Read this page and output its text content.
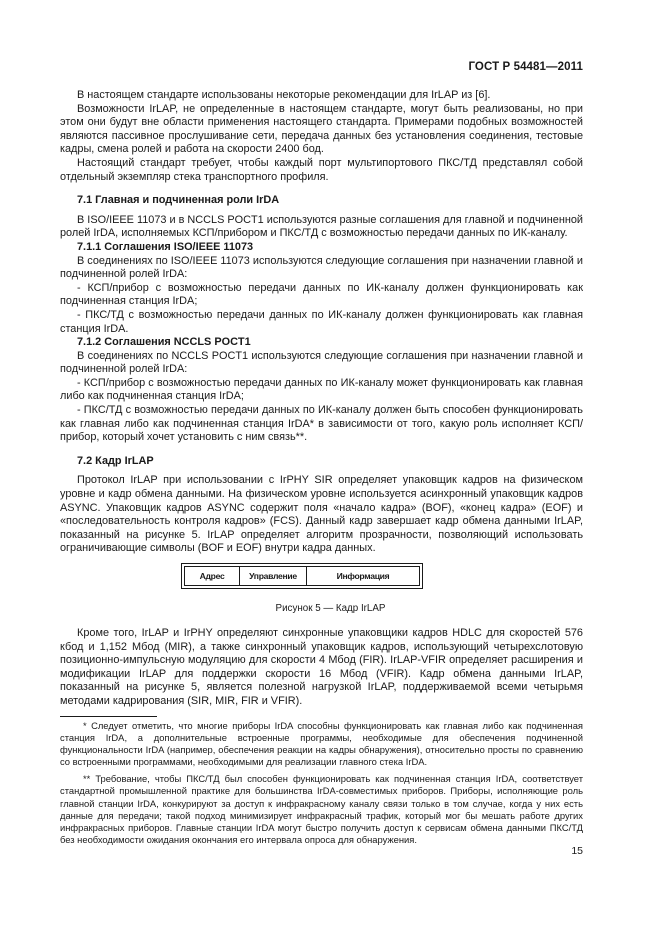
ГОСТ Р 54481—2011

В настоящем стандарте использованы некоторые рекомендации для IrLAP из [6].

Возможности IrLAP, не определенные в настоящем стандарте, могут быть реализованы, но при этом они будут вне области применения настоящего стандарта. Примерами подобных возможностей являются пассивное прослушивание сети, передача данных без установления соединения, тестовые кадры, смена ролей и работа на скорости 2400 бод.

Настоящий стандарт требует, чтобы каждый порт мультипортового ПКС/ТД представлял собой отдельный экземпляр стека транспортного профиля.

7.1 Главная и подчиненная роли IrDA

В ISO/IEEE 11073 и в NCCLS POCT1 используются разные соглашения для главной и подчиненной ролей IrDA, исполняемых КСП/прибором и ПКС/ТД с возможностью передачи данных по ИК-каналу.

7.1.1 Соглашения ISO/IEEE 11073

В соединениях по ISO/IEEE 11073 используются следующие соглашения при назначении главной и подчиненной ролей IrDA:

- КСП/прибор с возможностью передачи данных по ИК-каналу должен функционировать как подчиненная станция IrDA;

- ПКС/ТД с возможностью передачи данных по ИК-каналу должен функционировать как главная станция IrDA.

7.1.2 Соглашения NCCLS POCT1

В соединениях по NCCLS POCT1 используются следующие соглашения при назначении главной и подчиненной ролей IrDA:

- КСП/прибор с возможностью передачи данных по ИК-каналу может функционировать как главная либо как подчиненная станция IrDA;

- ПКС/ТД с возможностью передачи данных по ИК-каналу должен быть способен функционировать как главная либо как подчиненная станция IrDA* в зависимости от того, какую роль исполняет КСП/прибор, который хочет установить с ним связь**.

7.2 Кадр IrLAP

Протокол IrLAP при использовании с IrPHY SIR определяет упаковщик кадров на физическом уровне и кадр обмена данными. На физическом уровне используется асинхронный упаковщик кадров ASYNC. Упаковщик кадров ASYNC содержит поля «начало кадра» (BOF), «конец кадра» (EOF) и «последовательность контроля кадров» (FCS). Данный кадр завершает кадр обмена данными IrLAP, показанный на рисунке 5. IrLAP определяет алгоритм прозрачности, позволяющий использовать ограничивающие символы (BOF и EOF) внутри кадра данных.

Адрес	Управление	Информация
Рисунок 5 — Кадр IrLAP

Кроме того, IrLAP и IrPHY определяют синхронные упаковщики кадров HDLC для скоростей 576 кбод и 1,152 Мбод (MIR), а также синхронный упаковщик кадров, использующий четырехслотовую позиционно-импульсную модуляцию для скорости 4 Мбод (FIR). IrLAP-VFIR определяет расширения и модификации IrLAP для поддержки скорости 16 Мбод (VFIR). Кадр обмена данными IrLAP, показанный на рисунке 5, является полезной нагрузкой IrLAP, поддерживаемой всеми четырьмя методами кадрирования (SIR, MIR, FIR и VFIR).

* Следует отметить, что многие приборы IrDA способны функционировать как главная либо как подчиненная станция IrDA, а дополнительные встроенные программы, необходимые для обеспечения подчиненной функциональности IrDA (например, обеспечения реакции на кадры обнаружения), относительно просты по сравнению со встроенными программами, необходимыми для реализации главного стека IrDA.

** Требование, чтобы ПКС/ТД был способен функционировать как подчиненная станция IrDA, соответствует стандартной промышленной практике для большинства IrDA-совместимых приборов. Приборы, исполняющие роль главной станции IrDA, конкурируют за доступ к инфракрасному каналу связи только в том случае, когда у них есть данные для передачи; такой подход минимизирует инфракрасный трафик, который мог бы мешать работе других инфракрасных приборов. Главные станции IrDA могут быстро получить доступ к сервисам обмена данными ПКС/ТД без необходимости ожидания окончания его интервала опроса для обнаружения.

15
